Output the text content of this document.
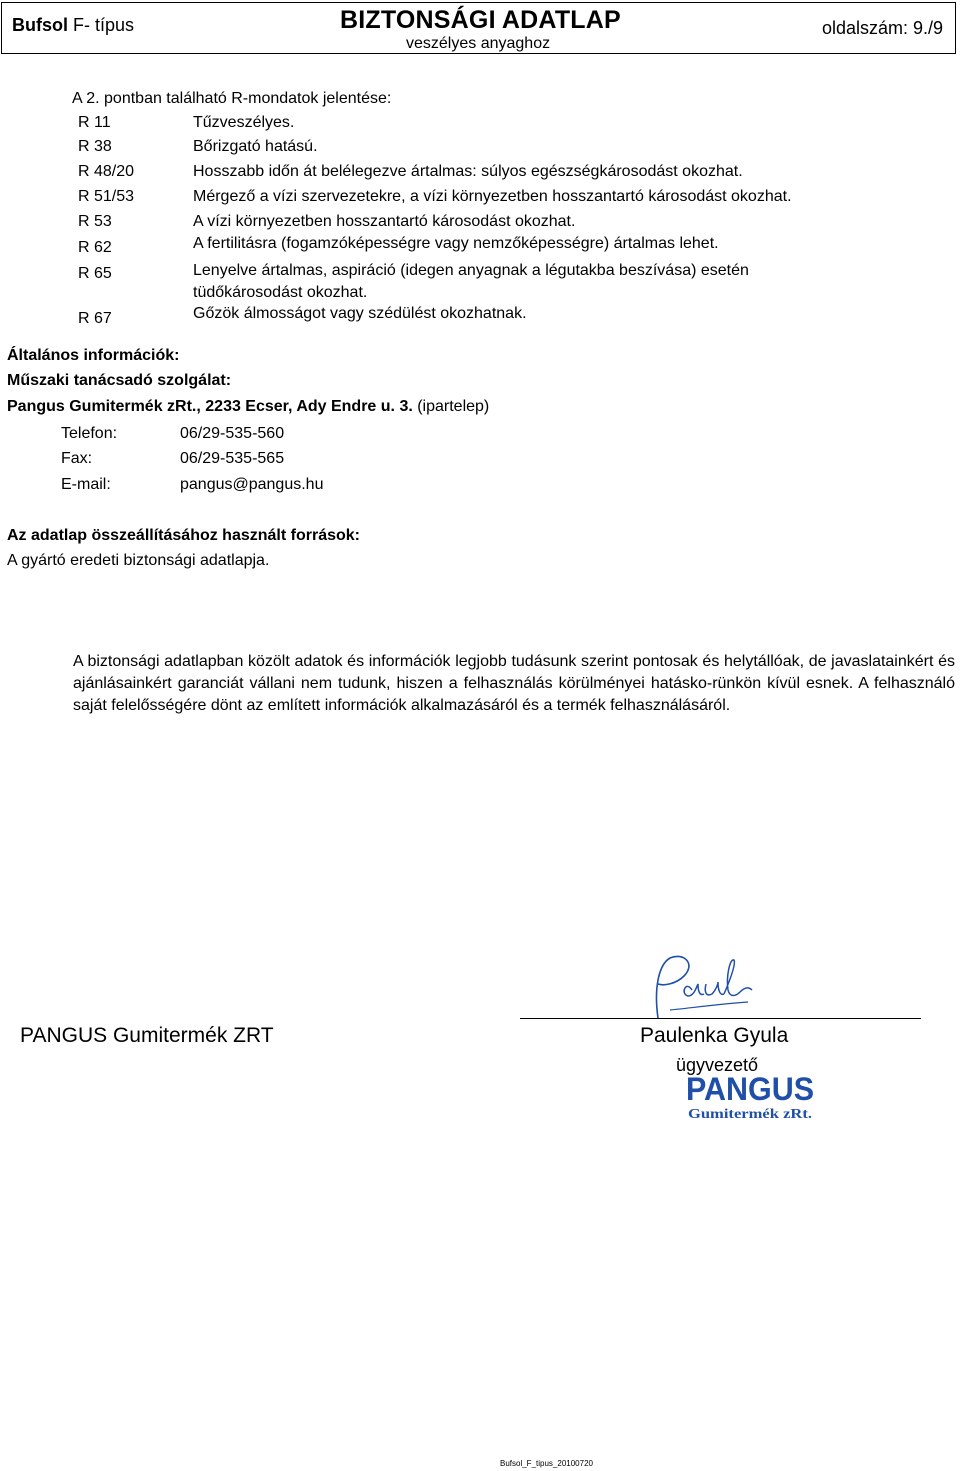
Bufsol F- típus	BIZTONSÁGI ADATLAP
veszélyes anyaghoz
oldalszám: 9./9
A 2. pontban található R-mondatok jelentése:
R 11	Tűzveszélyes.
R 38	Bőrizgató hatású.
R 48/20	Hosszabb időn át belélegezve ártalmas: súlyos egészségkárosodást okozhat.
R 51/53	Mérgező a vízi szervezetekre, a vízi környezetben hosszantartó károsodást okozhat.
R 53	A vízi környezetben hosszantartó károsodást okozhat.
R 62	A fertilitásra (fogamzóképességre vagy nemzőképességre) ártalmas lehet.
R 65	Lenyelve ártalmas, aspiráció (idegen anyagnak a légutakba beszívása) esetén
tüdőkárosodást okozhat.
R 67	Gőzök álmosságot vagy szédülést okozhatnak.
Általános információk:
Műszaki tanácsadó szolgálat:
Pangus Gumitermék zRt., 2233 Ecser, Ady Endre u. 3. (ipartelep)
Telefon:	06/29-535-560
Fax:	06/29-535-565
E-mail:	pangus@pangus.hu
Az adatlap összeállításához használt források:
A gyártó eredeti biztonsági adatlapja.
A biztonsági adatlapban közölt adatok és információk legjobb tudásunk szerint pontosak és helytállóak, de javaslatainkért és ajánlásainkért garanciát vállani nem tudunk, hiszen a felhasználás körülményei hatásko-rünkön kívül esnek. A felhasználó saját felelősségére dönt az említett információk alkalmazásáról és a termék felhasználásáról.
PANGUS Gumitermék ZRT	Paulenka Gyula
PANGUS
Gumitermék zRt.
ügyvezető
Bufsol_F_tipus_20100720
